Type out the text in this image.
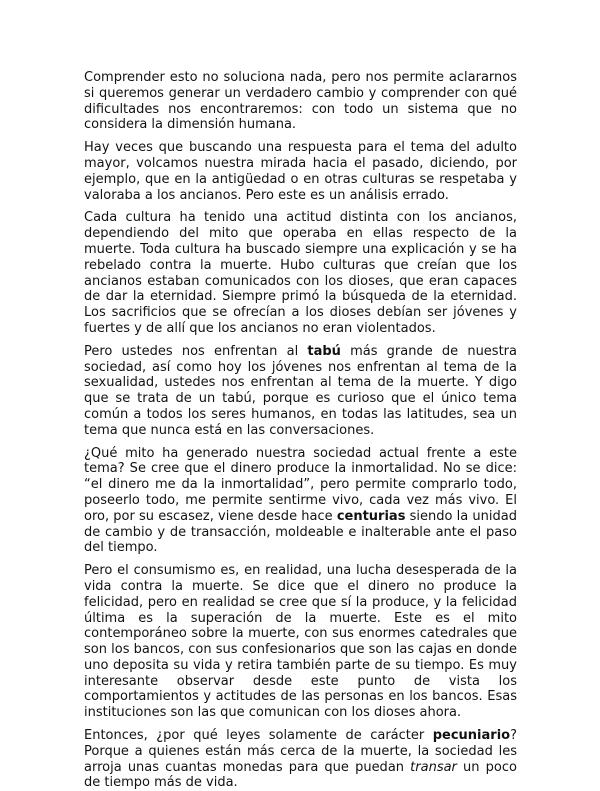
Comprender esto no soluciona nada, pero nos permite aclararnos si queremos generar un verdadero cambio y comprender con qué dificultades nos encontraremos: con todo un sistema que no considera la dimensión humana.

Hay veces que buscando una respuesta para el tema del adulto mayor, volcamos nuestra mirada hacia el pasado, diciendo, por ejemplo, que en la antigüedad o en otras culturas se respetaba y valoraba a los ancianos. Pero este es un análisis errado.

Cada cultura ha tenido una actitud distinta con los ancianos, dependiendo del mito que operaba en ellas respecto de la muerte. Toda cultura ha buscado siempre una explicación y se ha rebelado contra la muerte. Hubo culturas que creían que los ancianos estaban comunicados con los dioses, que eran capaces de dar la eternidad. Siempre primó la búsqueda de la eternidad. Los sacrificios que se ofrecían a los dioses debían ser jóvenes y fuertes y de allí que los ancianos no eran violentados.

Pero ustedes nos enfrentan al tabú más grande de nuestra sociedad, así como hoy los jóvenes nos enfrentan al tema de la sexualidad, ustedes nos enfrentan al tema de la muerte. Y digo que se trata de un tabú, porque es curioso que el único tema común a todos los seres humanos, en todas las latitudes, sea un tema que nunca está en las conversaciones.

¿Qué mito ha generado nuestra sociedad actual frente a este tema? Se cree que el dinero produce la inmortalidad. No se dice: “el dinero me da la inmortalidad”, pero permite comprarlo todo, poseerlo todo, me permite sentirme vivo, cada vez más vivo. El oro, por su escasez, viene desde hace centurias siendo la unidad de cambio y de transacción, moldeable e inalterable ante el paso del tiempo.

Pero el consumismo es, en realidad, una lucha desesperada de la vida contra la muerte. Se dice que el dinero no produce la felicidad, pero en realidad se cree que sí la produce, y la felicidad última es la superación de la muerte. Este es el mito contemporáneo sobre la muerte, con sus enormes catedrales que son los bancos, con sus confesionarios que son las cajas en donde uno deposita su vida y retira también parte de su tiempo. Es muy interesante observar desde este punto de vista los comportamientos y actitudes de las personas en los bancos. Esas instituciones son las que comunican con los dioses ahora.

Entonces, ¿por qué leyes solamente de carácter pecuniario? Porque a quienes están más cerca de la muerte, la sociedad les arroja unas cuantas monedas para que puedan transar un poco de tiempo más de vida.
